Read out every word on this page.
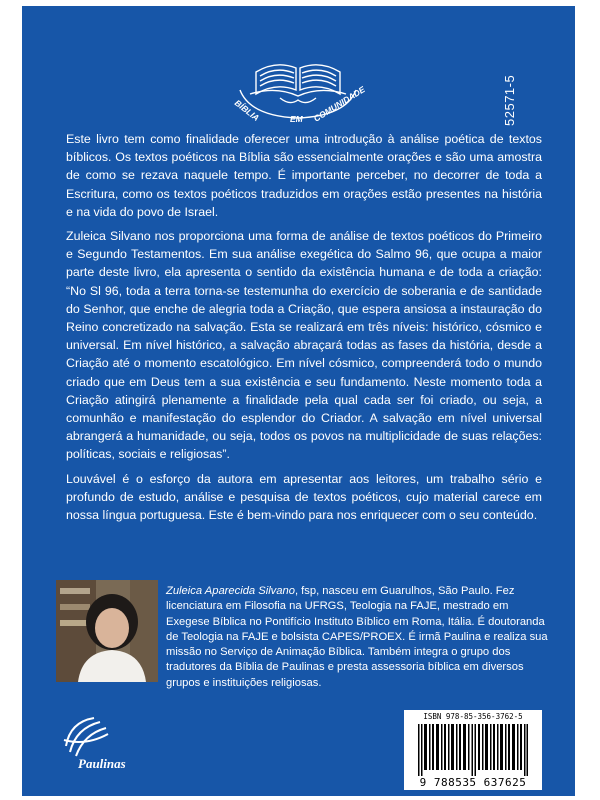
BÍBLIA	EM COMUNIDADE	52571-5

Este livro tem como finalidade oferecer uma introdução à análise poética de textos bíblicos. Os textos poéticos na Bíblia são essencialmente orações e são uma amostra de como se rezava naquele tempo. É importante perceber, no decorrer de toda a Escritura, como os textos poéticos traduzidos em orações estão presentes na história e na vida do povo de Israel.

Zuleica Silvano nos proporciona uma forma de análise de textos poéticos do Primeiro e Segundo Testamentos. Em sua análise exegética do Salmo 96, que ocupa a maior parte deste livro, ela apresenta o sentido da existência humana e de toda a criação: “No Sl 96, toda a terra torna-se testemunha do exercício de soberania e de santidade do Senhor, que enche de alegria toda a Criação, que espera ansiosa a instauração do Reino concretizado na salvação. Esta se realizará em três níveis: histórico, cósmico e universal. Em nível histórico, a salvação abraçará todas as fases da história, desde a Criação até o momento escatológico. Em nível cósmico, compreenderá todo o mundo criado que em Deus tem a sua existência e seu fundamento. Neste momento toda a Criação atingirá plenamente a finalidade pela qual cada ser foi criado, ou seja, a comunhão e manifestação do esplendor do Criador. A salvação em nível universal abrangerá a humanidade, ou seja, todos os povos na multiplicidade de suas relações: políticas, sociais e religiosas”.

Louvável é o esforço da autora em apresentar aos leitores, um trabalho sério e profundo de estudo, análise e pesquisa de textos poéticos, cujo material carece em nossa língua portuguesa. Este é bem-vindo para nos enriquecer com o seu conteúdo.

Zuleica Aparecida Silvano, fsp, nasceu em Guarulhos, São Paulo. Fez licenciatura em Filosofia na UFRGS, Teologia na FAJE, mestrado em Exegese Bíblica no Pontifício Instituto Bíblico em Roma, Itália. É doutoranda de Teologia na FAJE e bolsista CAPES/PROEX. É irmã Paulina e realiza sua missão no Serviço de Animação Bíblica. Também integra o grupo dos tradutores da Bíblia de Paulinas e presta assessoria bíblica em diversos grupos e instituições religiosas.
Paulinas
ISBN 978-85-356-3762-5
9 788535 637625
